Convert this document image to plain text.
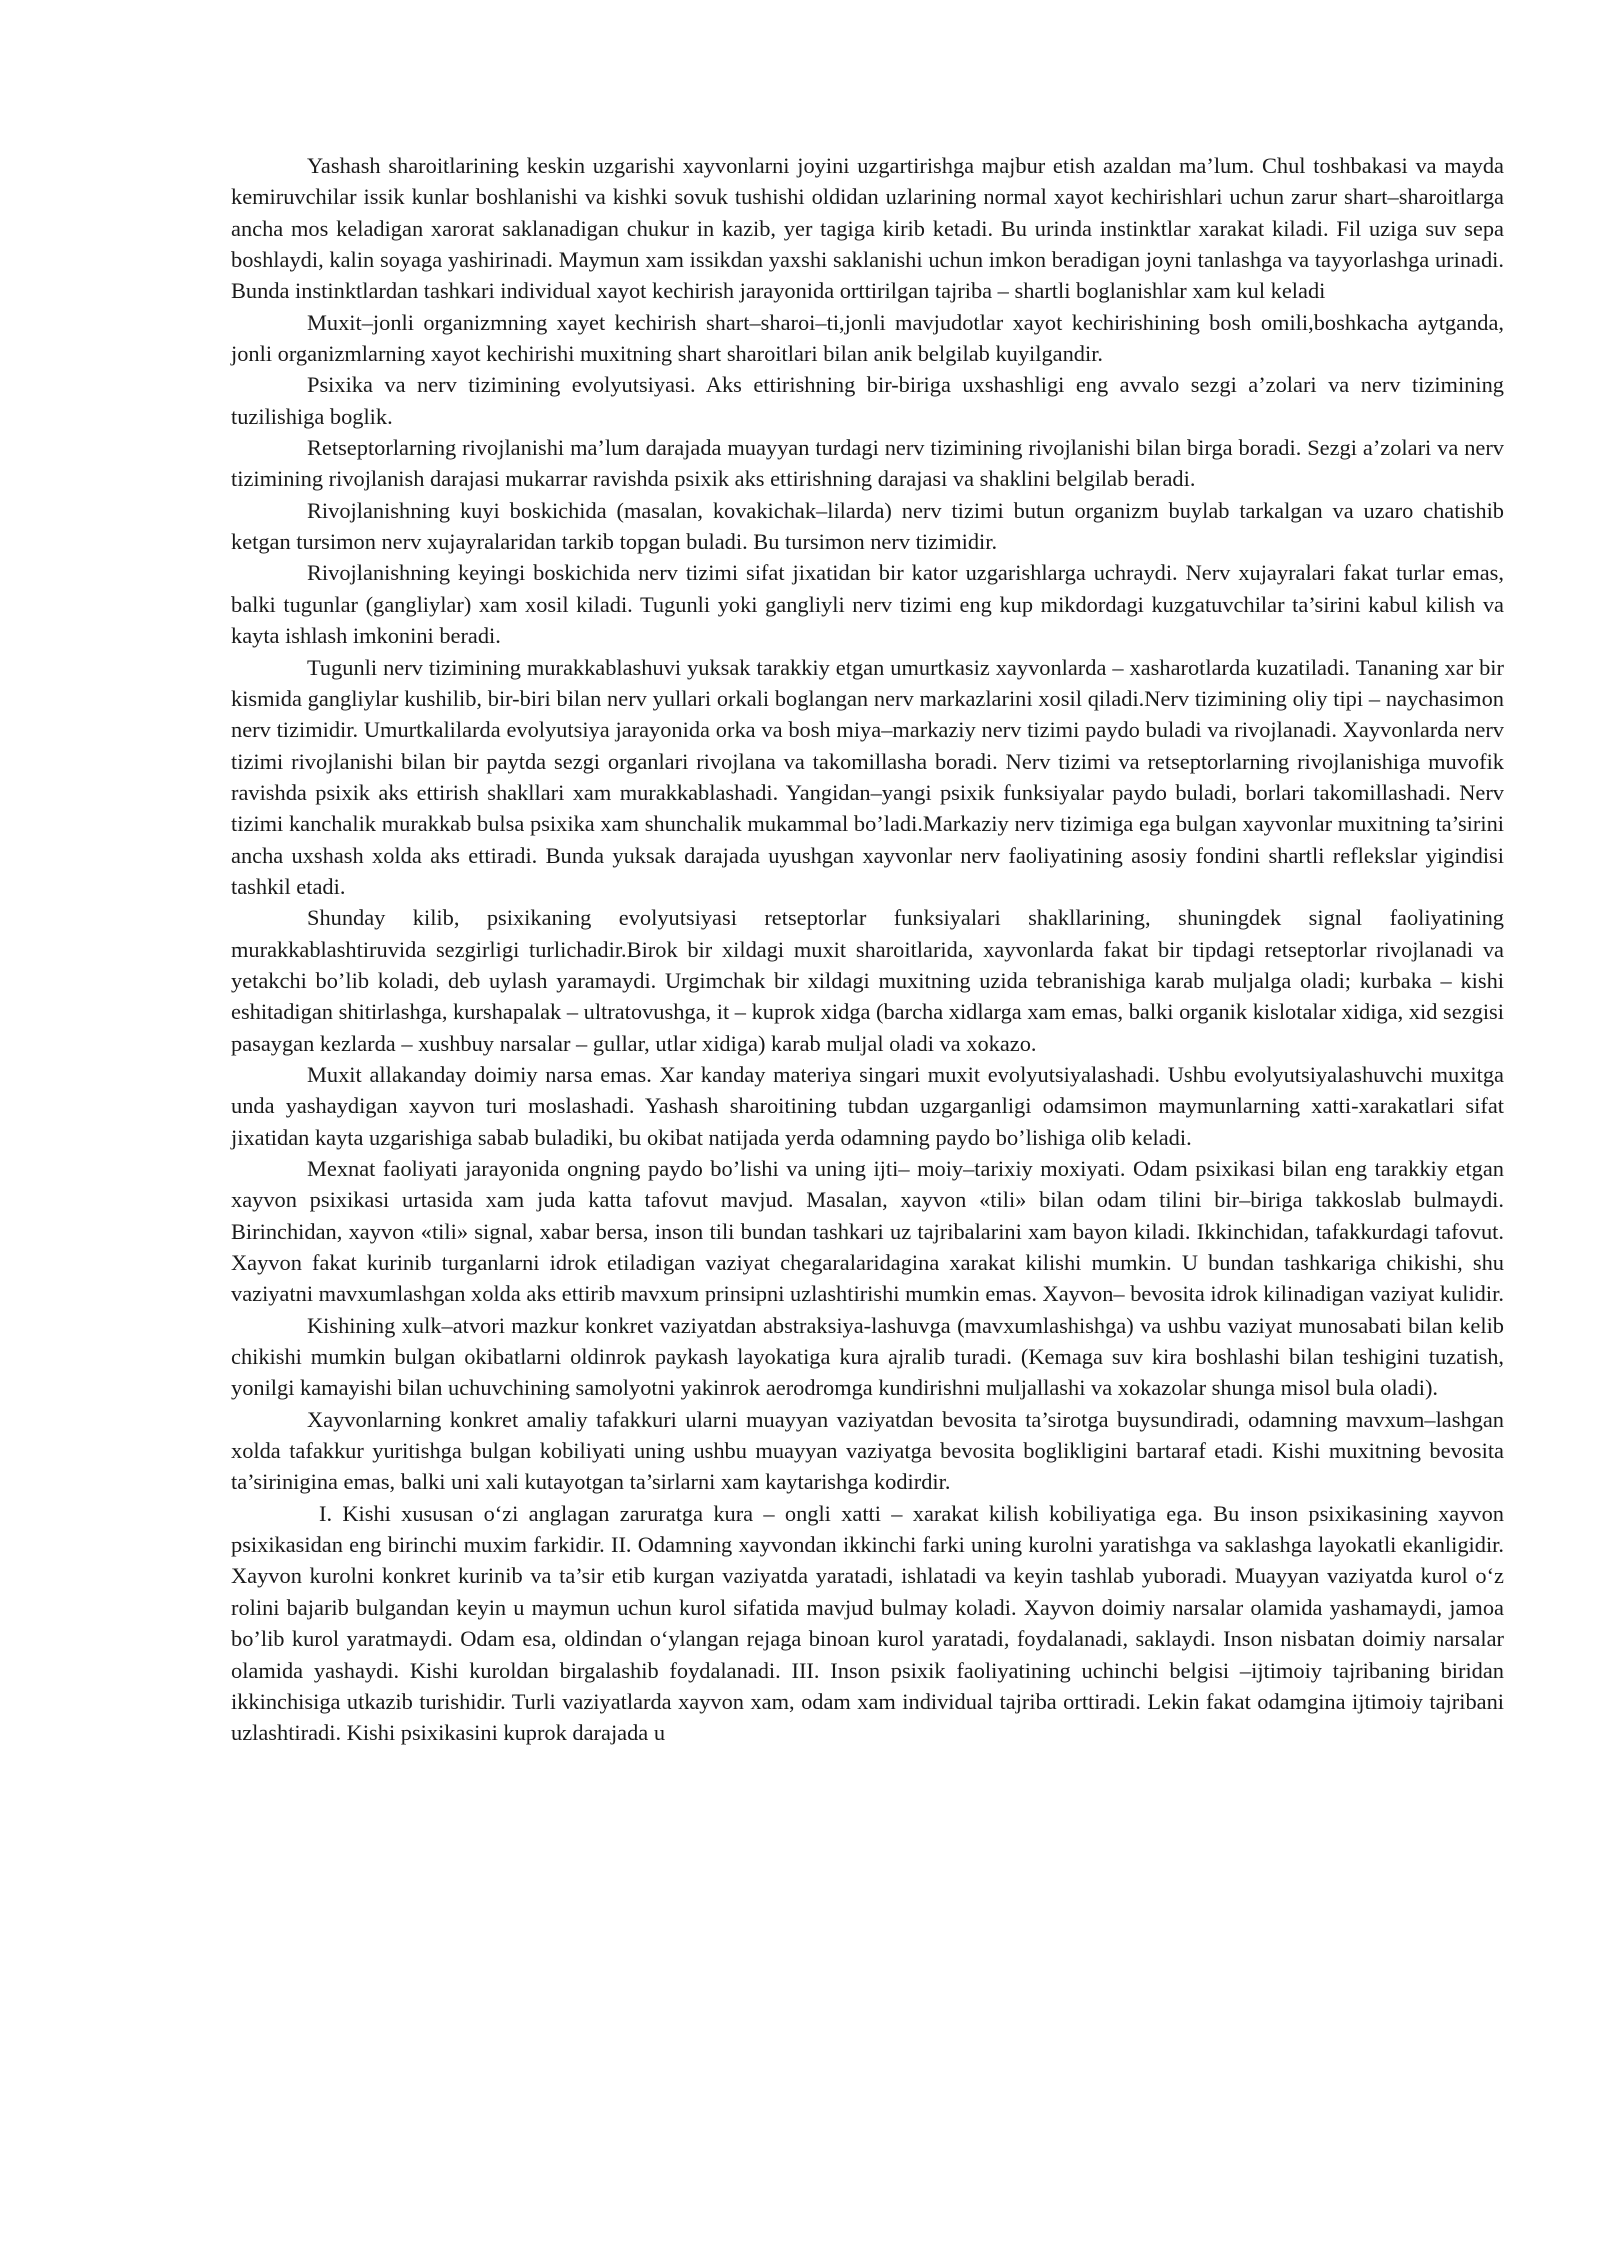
Yashash sharoitlarining keskin uzgarishi xayvonlarni joyini uzgartirishga majbur etish azaldan ma’lum. Chul toshbakasi va mayda kemiruvchilar issik kunlar boshlanishi va kishki sovuk tushishi oldidan uzlarining normal xayot kechirishlari uchun zarur shart–sharoitlarga ancha mos keladigan xarorat saklanadigan chukur in kazib, yer tagiga kirib ketadi. Bu urinda instinktlar xarakat kiladi. Fil uziga suv sepa boshlaydi, kalin soyaga yashirinadi. Maymun xam issikdan yaxshi saklanishi uchun imkon beradigan joyni tanlashga va tayyorlashga urinadi. Bunda instinktlardan tashkari individual xayot kechirish jarayonida orttirilgan tajriba – shartli boglanishlar xam kul keladi

Muxit–jonli organizmning xayet kechirish shart–sharoi–ti,jonli mavjudotlar xayot kechirishining bosh omili,boshkacha aytganda, jonli organizmlarning xayot kechirishi muxitning shart sharoitlari bilan anik belgilab kuyilgandir.

Psixika va nerv tizimining evolyutsiyasi. Aks ettirishning bir-biriga uxshashligi eng avvalo sezgi a’zolari va nerv tizimining tuzilishiga boglik.

Retseptorlarning rivojlanishi ma’lum darajada muayyan turdagi nerv tizimining rivojlanishi bilan birga boradi. Sezgi a’zolari va nerv tizimining rivojlanish darajasi mukarrar ravishda psixik aks ettirishning darajasi va shaklini belgilab beradi.

Rivojlanishning kuyi boskichida (masalan, kovakichak–lilarda) nerv tizimi butun organizm buylab tarkalgan va uzaro chatishib ketgan tursimon nerv xujayralaridan tarkib topgan buladi. Bu tursimon nerv tizimidir.

Rivojlanishning keyingi boskichida nerv tizimi sifat jixatidan bir kator uzgarishlarga uchraydi. Nerv xujayralari fakat turlar emas, balki tugunlar (gangliylar) xam xosil kiladi. Tugunli yoki gangliyli nerv tizimi eng kup mikdordagi kuzgatuvchilar ta’sirini kabul kilish va kayta ishlash imkonini beradi.

Tugunli nerv tizimining murakkablashuvi yuksak tarakkiy etgan umurtkasiz xayvonlarda – xasharotlarda kuzatiladi. Tananing xar bir kismida gangliylar kushilib, bir-biri bilan nerv yullari orkali boglangan nerv markazlarini xosil qiladi.Nerv tizimining oliy tipi – naychasimon nerv tizimidir. Umurtkalilarda evolyutsiya jarayonida orka va bosh miya–markaziy nerv tizimi paydo buladi va rivojlanadi. Xayvonlarda nerv tizimi rivojlanishi bilan bir paytda sezgi organlari rivojlana va takomillasha boradi. Nerv tizimi va retseptorlarning rivojlanishiga muvofik ravishda psixik aks ettirish shakllari xam murakkablashadi. Yangidan–yangi psixik funksiyalar paydo buladi, borlari takomillashadi. Nerv tizimi kanchalik murakkab bulsa psixika xam shunchalik mukammal bo’ladi.Markaziy nerv tizimiga ega bulgan xayvonlar muxitning ta’sirini ancha uxshash xolda aks ettiradi. Bunda yuksak darajada uyushgan xayvonlar nerv faoliyatining asosiy fondini shartli reflekslar yigindisi tashkil etadi.

Shunday kilib, psixikaning evolyutsiyasi retseptorlar funksiyalari shakllarining, shuningdek signal faoliyatining murakkablashtiruvida sezgirligi turlichadir.Birok bir xildagi muxit sharoitlarida, xayvonlarda fakat bir tipdagi retseptorlar rivojlanadi va yetakchi bo’lib koladi, deb uylash yaramaydi. Urgimchak bir xildagi muxitning uzida tebranishiga karab muljalga oladi; kurbaka – kishi eshitadigan shitirlashga, kurshapalak – ultratovushga, it – kuprok xidga (barcha xidlarga xam emas, balki organik kislotalar xidiga, xid sezgisi pasaygan kezlarda – xushbuy narsalar – gullar, utlar xidiga) karab muljal oladi va xokazo.

Muxit allakanday doimiy narsa emas. Xar kanday materiya singari muxit evolyutsiyalashadi. Ushbu evolyutsiyalashuvchi muxitga unda yashaydigan xayvon turi moslashadi. Yashash sharoitining tubdan uzgarganligi odamsimon maymunlarning xatti-xarakatlari sifat jixatidan kayta uzgarishiga sabab buladiki, bu okibat natijada yerda odamning paydo bo’lishiga olib keladi.

Mexnat faoliyati jarayonida ongning paydo bo’lishi va uning ijti– moiy–tarixiy moxiyati. Odam psixikasi bilan eng tarakkiy etgan xayvon psixikasi urtasida xam juda katta tafovut mavjud. Masalan, xayvon «tili» bilan odam tilini bir–biriga takkoslab bulmaydi. Birinchidan, xayvon «tili» signal, xabar bersa, inson tili bundan tashkari uz tajribalarini xam bayon kiladi. Ikkinchidan, tafakkurdagi tafovut. Xayvon fakat kurinib turganlarni idrok etiladigan vaziyat chegaralaridagina xarakat kilishi mumkin. U bundan tashkariga chikishi, shu vaziyatni mavxumlashgan xolda aks ettirib mavxum prinsipni uzlashtirishi mumkin emas. Xayvon– bevosita idrok kilinadigan vaziyat kulidir.

Kishining xulk–atvori mazkur konkret vaziyatdan abstraksiya-lashuvga (mavxumlashishga) va ushbu vaziyat munosabati bilan kelib chikishi mumkin bulgan okibatlarni oldinrok paykash layokatiga kura ajralib turadi. (Kemaga suv kira boshlashi bilan teshigini tuzatish, yonilgi kamayishi bilan uchuvchining samolyotni yakinrok aerodromga kundirishni muljallashi va xokazolar shunga misol bula oladi).

Xayvonlarning konkret amaliy tafakkuri ularni muayyan vaziyatdan bevosita ta’sirotga buysundiradi, odamning mavxum–lashgan xolda tafakkur yuritishga bulgan kobiliyati uning ushbu muayyan vaziyatga bevosita boglikligini bartaraf etadi. Kishi muxitning bevosita ta’sirinigina emas, balki uni xali kutayotgan ta’sirlarni xam kaytarishga kodirdir.

I. Kishi xususan o‘zi anglagan zaruratga kura – ongli xatti – xarakat kilish kobiliyatiga ega. Bu inson psixikasining xayvon psixikasidan eng birinchi muxim farkidir. II. Odamning xayvondan ikkinchi farki uning kurolni yaratishga va saklashga layokatli ekanligidir. Xayvon kurolni konkret kurinib va ta’sir etib kurgan vaziyatda yaratadi, ishlatadi va keyin tashlab yuboradi. Muayyan vaziyatda kurol o‘z rolini bajarib bulgandan keyin u maymun uchun kurol sifatida mavjud bulmay koladi. Xayvon doimiy narsalar olamida yashamaydi, jamoa bo’lib kurol yaratmaydi. Odam esa, oldindan o‘ylangan rejaga binoan kurol yaratadi, foydalanadi, saklaydi. Inson nisbatan doimiy narsalar olamida yashaydi. Kishi kuroldan birgalashib foydalanadi. III. Inson psixik faoliyatining uchinchi belgisi –ijtimoiy tajribaning biridan ikkinchisiga utkazib turishidir. Turli vaziyatlarda xayvon xam, odam xam individual tajriba orttiradi. Lekin fakat odamgina ijtimoiy tajribani uzlashtiradi. Kishi psixikasini kuprok darajada u
